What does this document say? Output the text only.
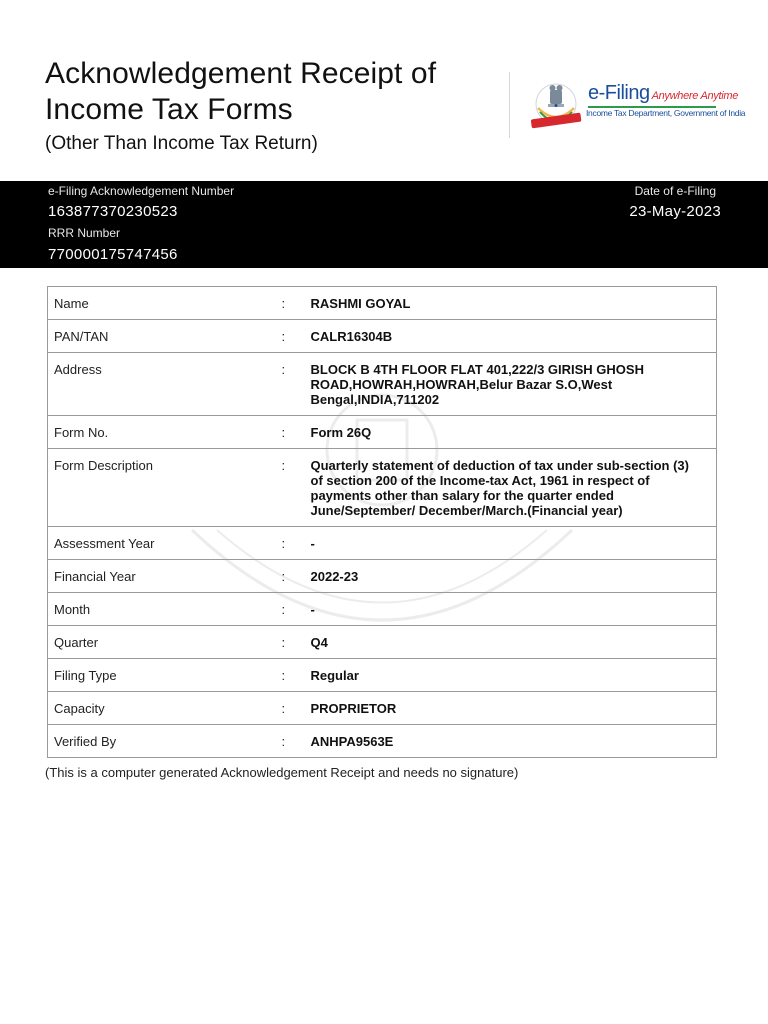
Acknowledgement Receipt of
Income Tax Forms
(Other Than Income Tax Return)
e-Filing Anywhere Anytime
Income Tax Department, Government of India
e-Filing Acknowledgement Number
163877370230523
RRR Number
770000175747456
Date of e-Filing
23-May-2023
Name	:	RASHMI GOYAL
PAN/TAN	:	CALR16304B
Address	:	BLOCK B 4TH FLOOR FLAT 401,222/3 GIRISH GHOSH ROAD,HOWRAH,HOWRAH,Belur Bazar S.O,West Bengal,INDIA,711202
Form No.	:	Form 26Q
Form Description	:	Quarterly statement of deduction of tax under sub-section (3) of section 200 of the Income-tax Act, 1961 in respect of payments other than salary for the quarter ended June/September/ December/March.(Financial year)
Assessment Year	:	-
Financial Year	:	2022-23
Month	:	-
Quarter	:	Q4
Filing Type	:	Regular
Capacity	:	PROPRIETOR
Verified By	:	ANHPA9563E
(This is a computer generated Acknowledgement Receipt and needs no signature)
